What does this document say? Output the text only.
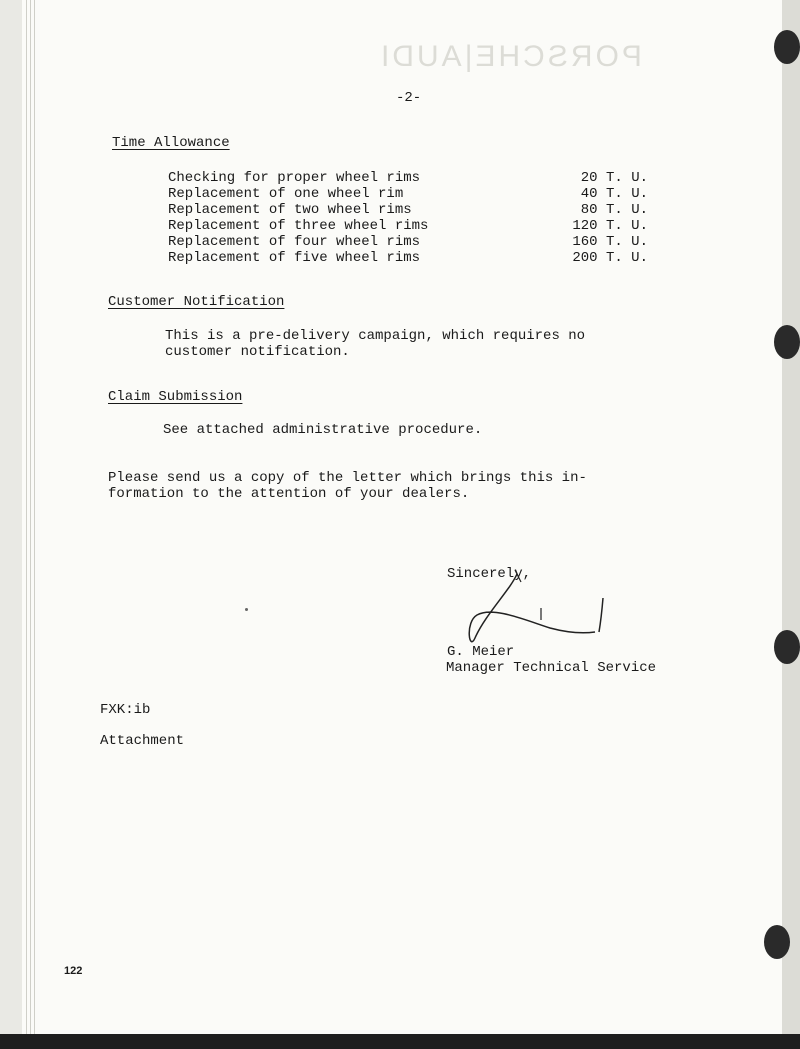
PORSCHE|AUDI
-2-
Time Allowance
Checking for proper wheel rims	20 T. U.
Replacement of one wheel rim	40 T. U.
Replacement of two wheel rims	80 T. U.
Replacement of three wheel rims	120 T. U.
Replacement of four wheel rims	160 T. U.
Replacement of five wheel rims	200 T. U.
Customer Notification
This is a pre-delivery campaign, which requires no
customer notification.
Claim Submission
See attached administrative procedure.
Please send us a copy of the letter which brings this in-
formation to the attention of your dealers.
Sincerely,
G. Meier
Manager Technical Service
FXK:ib
Attachment
122
